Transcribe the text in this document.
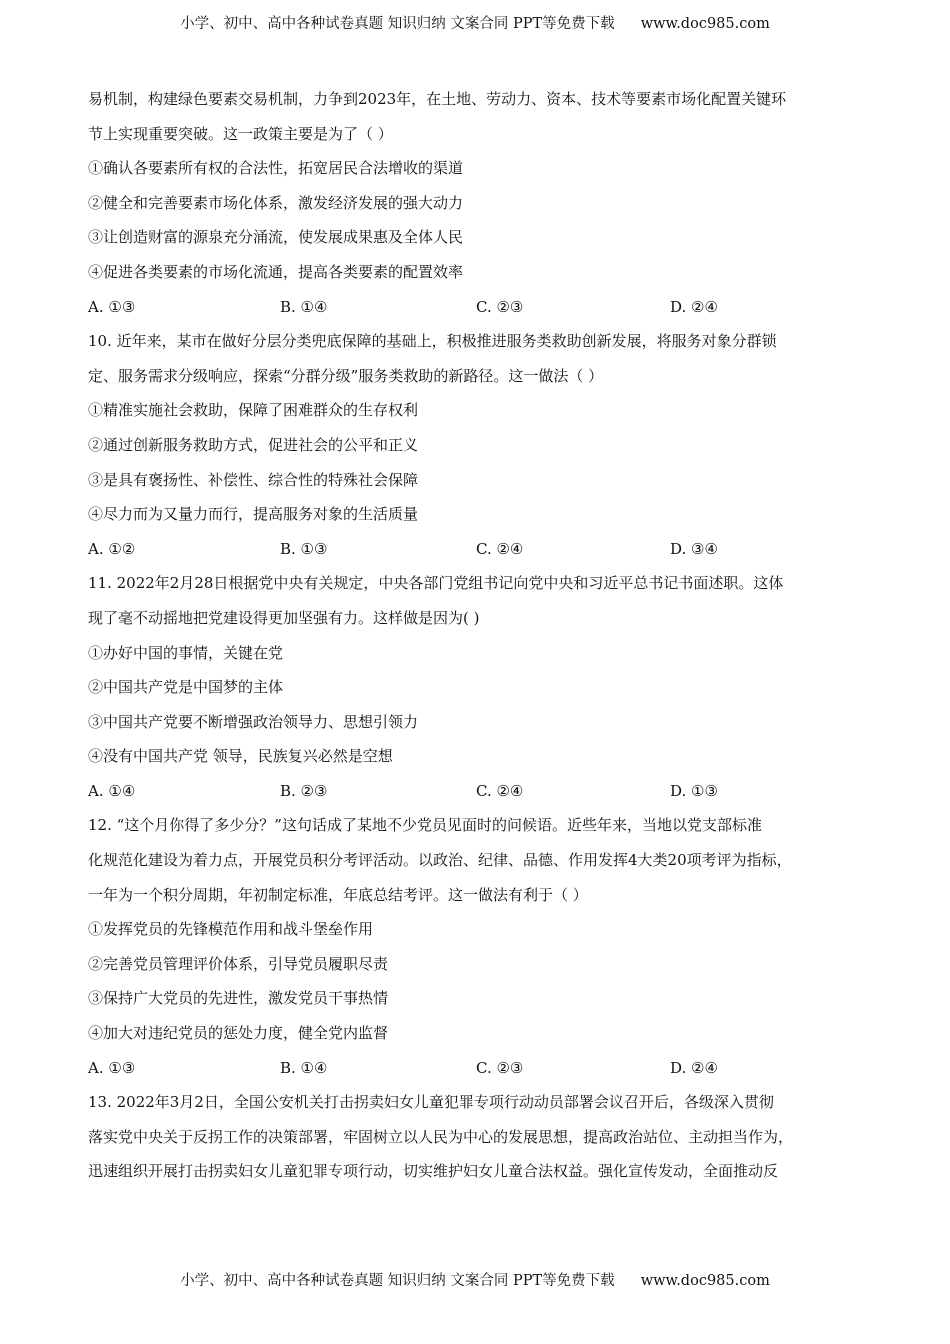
小学、初中、高中各种试卷真题 知识归纳 文案合同 PPT等免费下载 www.doc985.com
易机制，构建绿色要素交易机制，力争到2023年，在土地、劳动力、资本、技术等要素市场化配置关键环
节上实现重要突破。这一政策主要是为了（ ）
①确认各要素所有权的合法性，拓宽居民合法增收的渠道
②健全和完善要素市场化体系，激发经济发展的强大动力
③让创造财富的源泉充分涌流，使发展成果惠及全体人民
④促进各类要素的市场化流通，提高各类要素的配置效率
A. ①③	B. ①④	C. ②③	D. ②④
10. 近年来，某市在做好分层分类兜底保障的基础上，积极推进服务类救助创新发展，将服务对象分群锁
定、服务需求分级响应，探索“分群分级”服务类救助的新路径。这一做法（ ）
①精准实施社会救助，保障了困难群众的生存权利
②通过创新服务救助方式，促进社会的公平和正义
③是具有褒扬性、补偿性、综合性的特殊社会保障
④尽力而为又量力而行，提高服务对象的生活质量
A. ①②	B. ①③	C. ②④	D. ③④
11. 2022年2月28日根据党中央有关规定，中央各部门党组书记向党中央和习近平总书记书面述职。这体
现了毫不动摇地把党建设得更加坚强有力。这样做是因为( )
①办好中国的事情，关键在党
②中国共产党是中国梦的主体
③中国共产党要不断增强政治领导力、思想引领力
④没有中国共产党 领导，民族复兴必然是空想
A. ①④	B. ②③	C. ②④	D. ①③
12. “这个月你得了多少分？”这句话成了某地不少党员见面时的问候语。近些年来，当地以党支部标准
化规范化建设为着力点，开展党员积分考评活动。以政治、纪律、品德、作用发挥4大类20项考评为指标，
一年为一个积分周期，年初制定标准，年底总结考评。这一做法有利于（ ）
①发挥党员的先锋模范作用和战斗堡垒作用
②完善党员管理评价体系，引导党员履职尽责
③保持广大党员的先进性，激发党员干事热情
④加大对违纪党员的惩处力度，健全党内监督
A. ①③	B. ①④	C. ②③	D. ②④
13. 2022年3月2日，全国公安机关打击拐卖妇女儿童犯罪专项行动动员部署会议召开后，各级深入贯彻
落实党中央关于反拐工作的决策部署，牢固树立以人民为中心的发展思想，提高政治站位、主动担当作为，
迅速组织开展打击拐卖妇女儿童犯罪专项行动，切实维护妇女儿童合法权益。强化宣传发动，全面推动反
小学、初中、高中各种试卷真题 知识归纳 文案合同 PPT等免费下载 www.doc985.com
